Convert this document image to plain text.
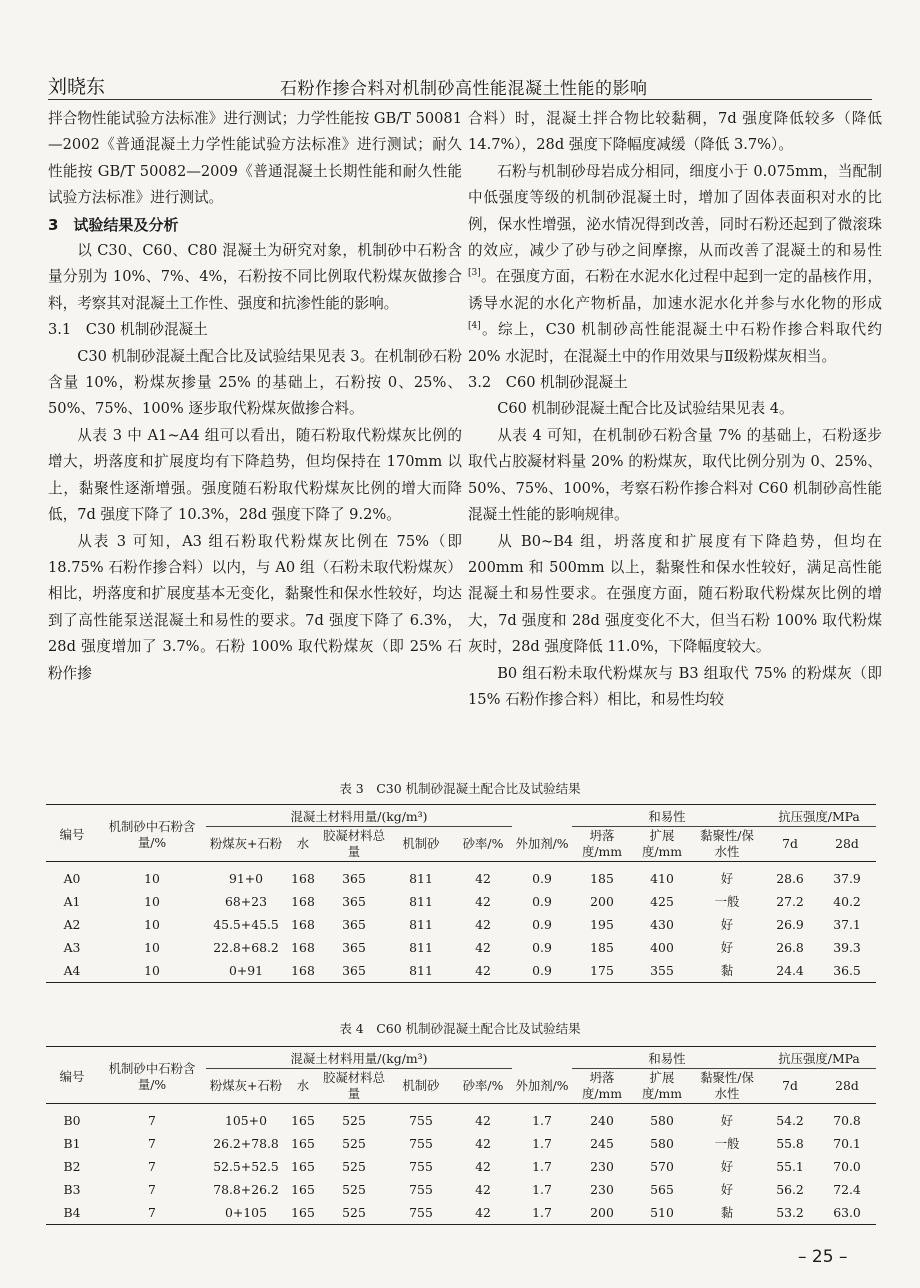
刘晓东	石粉作掺合料对机制砂高性能混凝土性能的影响

拌合物性能试验方法标准》进行测试；力学性能按 GB/T 50081—2002《普通混凝土力学性能试验方法标准》进行测试；耐久性能按 GB/T 50082—2009《普通混凝土长期性能和耐久性能试验方法标准》进行测试。

3　试验结果及分析

以 C30、C60、C80 混凝土为研究对象，机制砂中石粉含量分别为 10%、7%、4%，石粉按不同比例取代粉煤灰做掺合料，考察其对混凝土工作性、强度和抗渗性能的影响。

3.1　C30 机制砂混凝土

C30 机制砂混凝土配合比及试验结果见表 3。在机制砂石粉含量 10%，粉煤灰掺量 25% 的基础上，石粉按 0、25%、50%、75%、100% 逐步取代粉煤灰做掺合料。

从表 3 中 A1~A4 组可以看出，随石粉取代粉煤灰比例的增大，坍落度和扩展度均有下降趋势，但均保持在 170mm 以上，黏聚性逐渐增强。强度随石粉取代粉煤灰比例的增大而降低，7d 强度下降了 10.3%，28d 强度下降了 9.2%。

从表 3 可知，A3 组石粉取代粉煤灰比例在 75%（即 18.75% 石粉作掺合料）以内，与 A0 组（石粉未取代粉煤灰）相比，坍落度和扩展度基本无变化，黏聚性和保水性较好，均达到了高性能泵送混凝土和易性的要求。7d 强度下降了 6.3%，28d 强度增加了 3.7%。石粉 100% 取代粉煤灰（即 25% 石粉作掺

合料）时，混凝土拌合物比较黏稠，7d 强度降低较多（降低 14.7%），28d 强度下降幅度减缓（降低 3.7%）。

石粉与机制砂母岩成分相同，细度小于 0.075mm，当配制中低强度等级的机制砂混凝土时，增加了固体表面积对水的比例，保水性增强，泌水情况得到改善，同时石粉还起到了微滚珠的效应，减少了砂与砂之间摩擦，从而改善了混凝土的和易性[3]。在强度方面，石粉在水泥水化过程中起到一定的晶核作用，诱导水泥的水化产物析晶，加速水泥水化并参与水化物的形成[4]。综上，C30 机制砂高性能混凝土中石粉作掺合料取代约 20% 水泥时，在混凝土中的作用效果与Ⅱ级粉煤灰相当。

3.2　C60 机制砂混凝土

C60 机制砂混凝土配合比及试验结果见表 4。

从表 4 可知，在机制砂石粉含量 7% 的基础上，石粉逐步取代占胶凝材料量 20% 的粉煤灰，取代比例分别为 0、25%、50%、75%、100%，考察石粉作掺合料对 C60 机制砂高性能混凝土性能的影响规律。

从 B0~B4 组，坍落度和扩展度有下降趋势，但均在 200mm 和 500mm 以上，黏聚性和保水性较好，满足高性能混凝土和易性要求。在强度方面，随石粉取代粉煤灰比例的增大，7d 强度和 28d 强度变化不大，但当石粉 100% 取代粉煤灰时，28d 强度降低 11.0%，下降幅度较大。

B0 组石粉未取代粉煤灰与 B3 组取代 75% 的粉煤灰（即 15% 石粉作掺合料）相比，和易性均较

表 3　C30 机制砂混凝土配合比及试验结果
编号	机制砂中石粉含量/%	混凝土材料用量/(kg/m³)						和易性			抗压强度/MPa	
		粉煤灰+石粉	水	胶凝材料总量	机制砂	砂率/%	外加剂/%	坍落度/mm	扩展度/mm	黏聚性/保水性	7d	28d
A0	10	91+0	168	365	811	42	0.9	185	410	好	28.6	37.9
A1	10	68+23	168	365	811	42	0.9	200	425	一般	27.2	40.2
A2	10	45.5+45.5	168	365	811	42	0.9	195	430	好	26.9	37.1
A3	10	22.8+68.2	168	365	811	42	0.9	185	400	好	26.8	39.3
A4	10	0+91	168	365	811	42	0.9	175	355	黏	24.4	36.5
表 4　C60 机制砂混凝土配合比及试验结果
编号	机制砂中石粉含量/%	混凝土材料用量/(kg/m³)						和易性			抗压强度/MPa	
		粉煤灰+石粉	水	胶凝材料总量	机制砂	砂率/%	外加剂/%	坍落度/mm	扩展度/mm	黏聚性/保水性	7d	28d
B0	7	105+0	165	525	755	42	1.7	240	580	好	54.2	70.8
B1	7	26.2+78.8	165	525	755	42	1.7	245	580	一般	55.8	70.1
B2	7	52.5+52.5	165	525	755	42	1.7	230	570	好	55.1	70.0
B3	7	78.8+26.2	165	525	755	42	1.7	230	565	好	56.2	72.4
B4	7	0+105	165	525	755	42	1.7	200	510	黏	53.2	63.0
– 25 –
